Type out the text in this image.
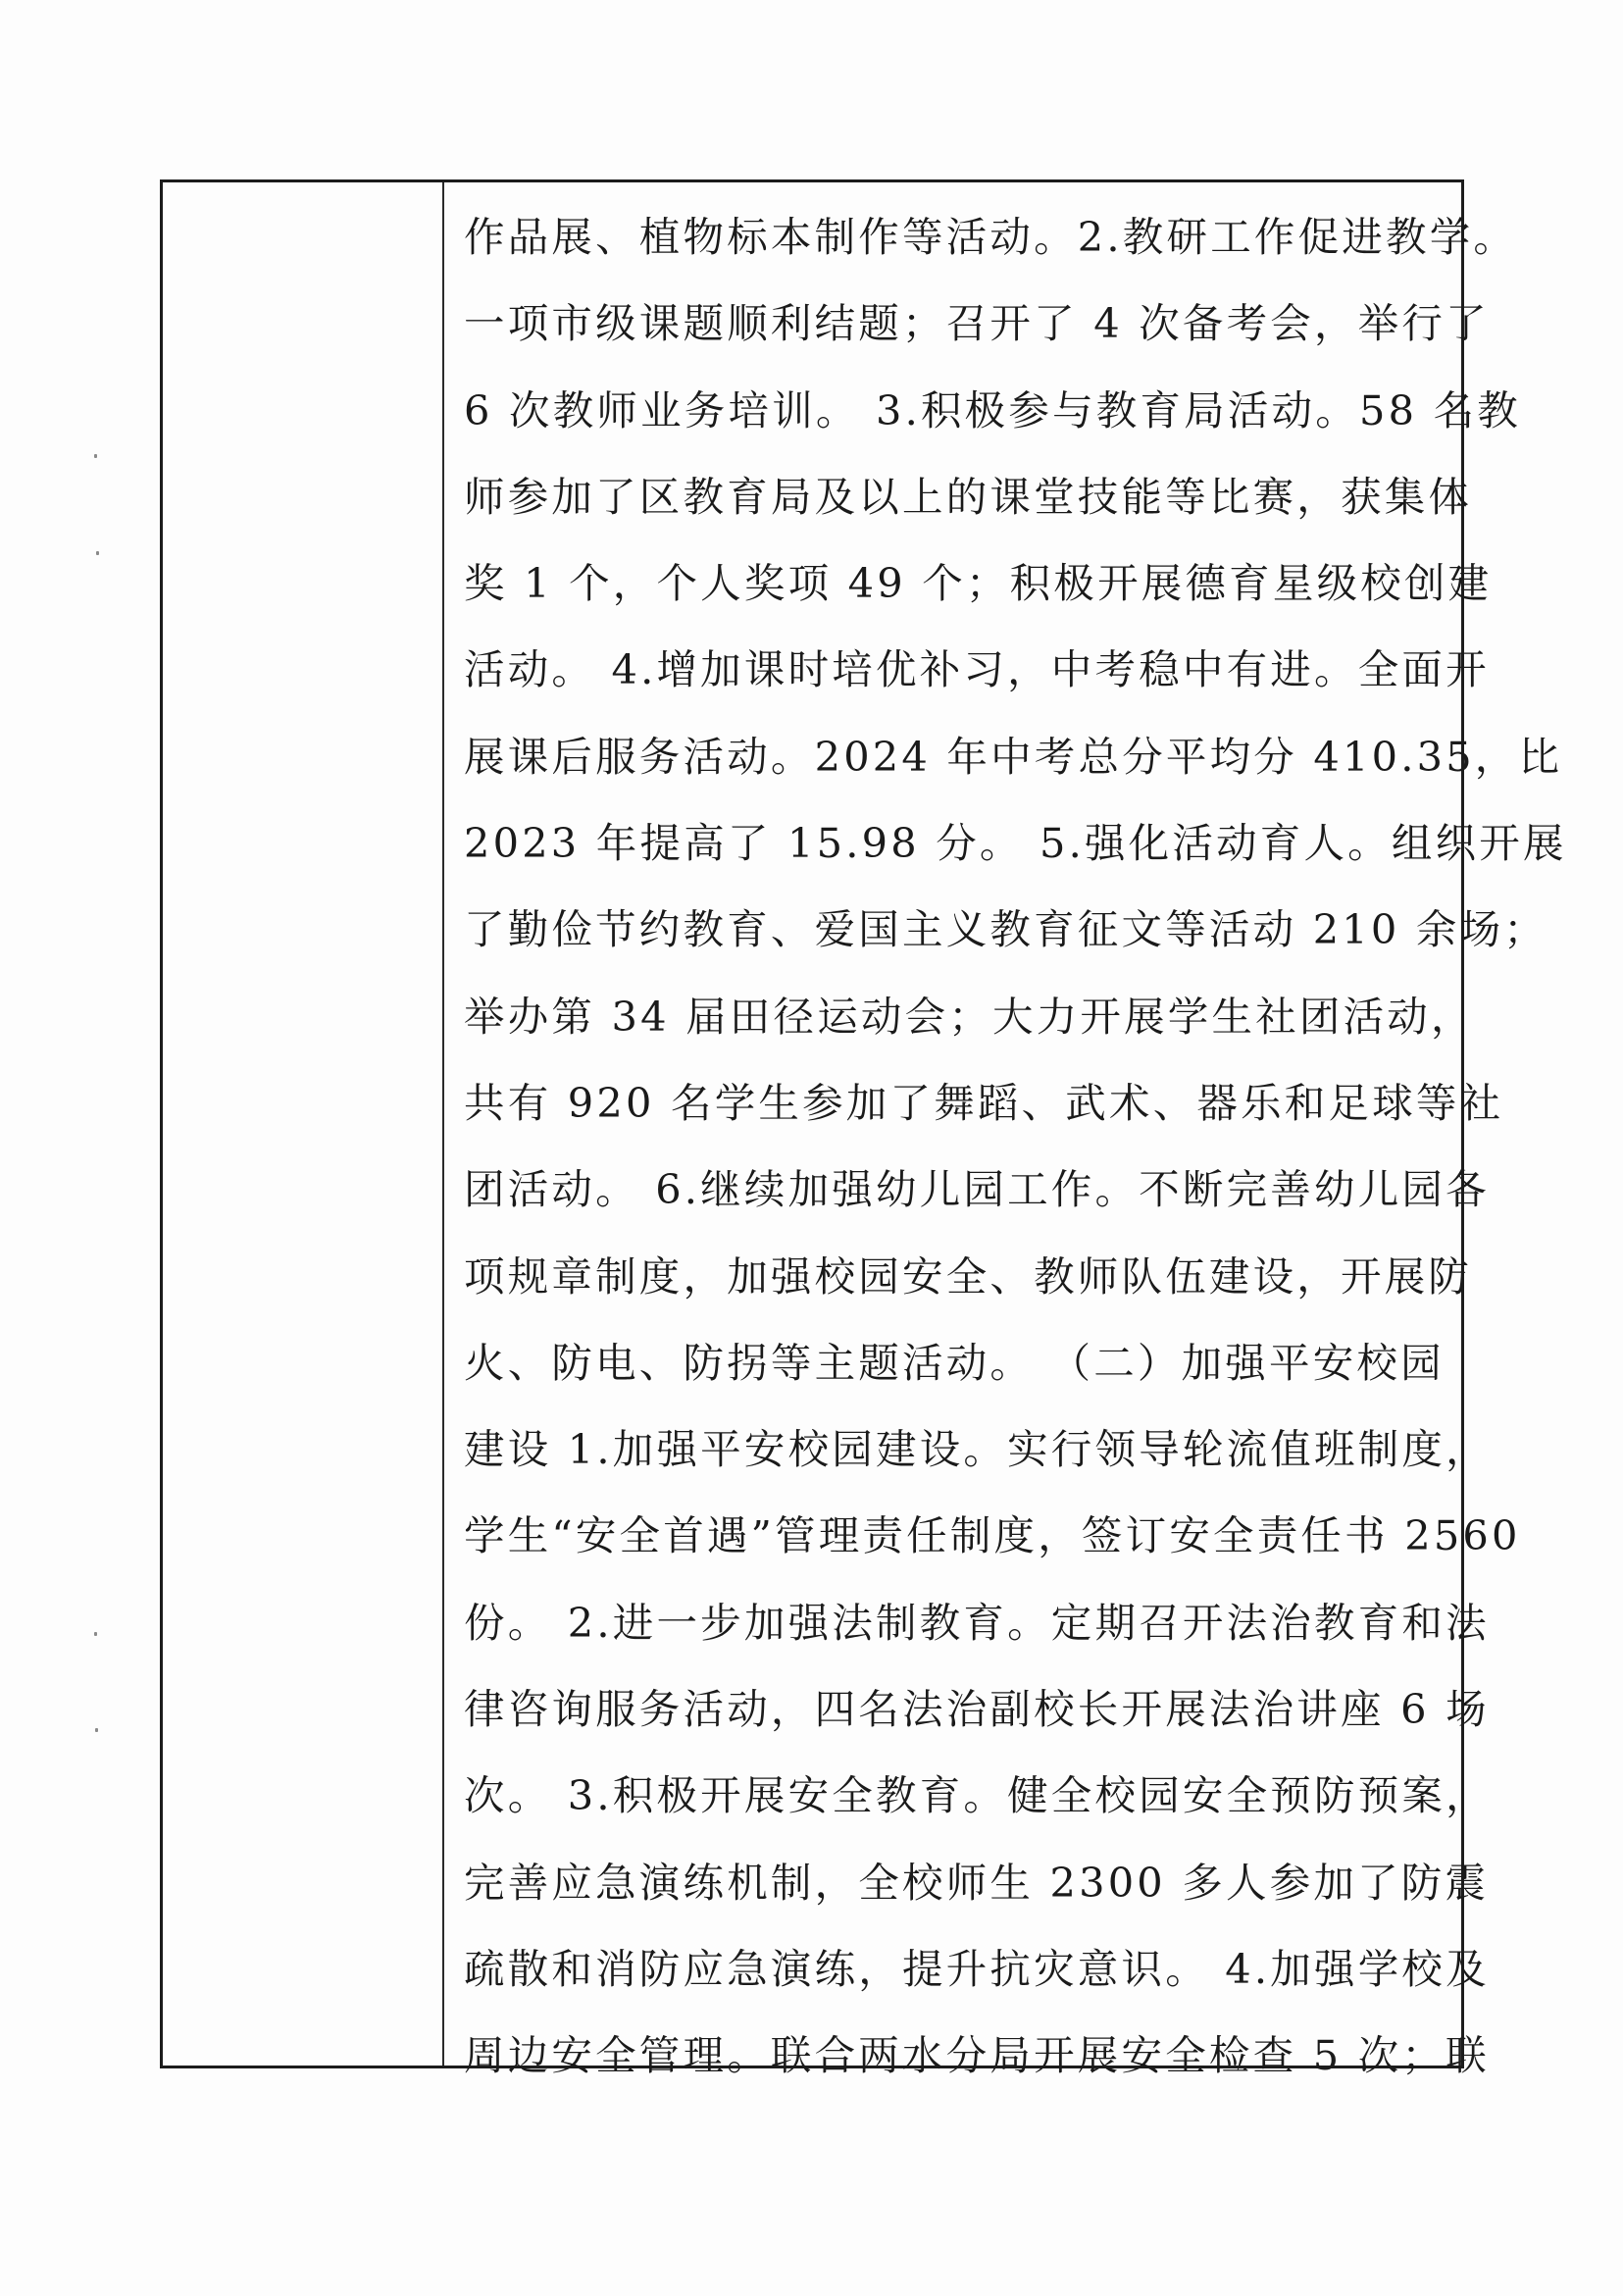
作品展、植物标本制作等活动。2.教研工作促进教学。
一项市级课题顺利结题；召开了 4 次备考会，举行了
6 次教师业务培训。 3.积极参与教育局活动。58 名教
师参加了区教育局及以上的课堂技能等比赛，获集体
奖 1 个，个人奖项 49 个；积极开展德育星级校创建
活动。 4.增加课时培优补习，中考稳中有进。全面开
展课后服务活动。2024 年中考总分平均分 410.35，比
2023 年提高了 15.98 分。 5.强化活动育人。组织开展
了勤俭节约教育、爱国主义教育征文等活动 210 余场；
举办第 34 届田径运动会；大力开展学生社团活动，
共有 920 名学生参加了舞蹈、武术、器乐和足球等社
团活动。 6.继续加强幼儿园工作。不断完善幼儿园各
项规章制度，加强校园安全、教师队伍建设，开展防
火、防电、防拐等主题活动。 （二）加强平安校园
建设 1.加强平安校园建设。实行领导轮流值班制度，
学生“安全首遇”管理责任制度，签订安全责任书 2560
份。 2.进一步加强法制教育。定期召开法治教育和法
律咨询服务活动，四名法治副校长开展法治讲座 6 场
次。 3.积极开展安全教育。健全校园安全预防预案，
完善应急演练机制，全校师生 2300 多人参加了防震
疏散和消防应急演练，提升抗灾意识。 4.加强学校及
周边安全管理。联合两水分局开展安全检查 5 次；联
